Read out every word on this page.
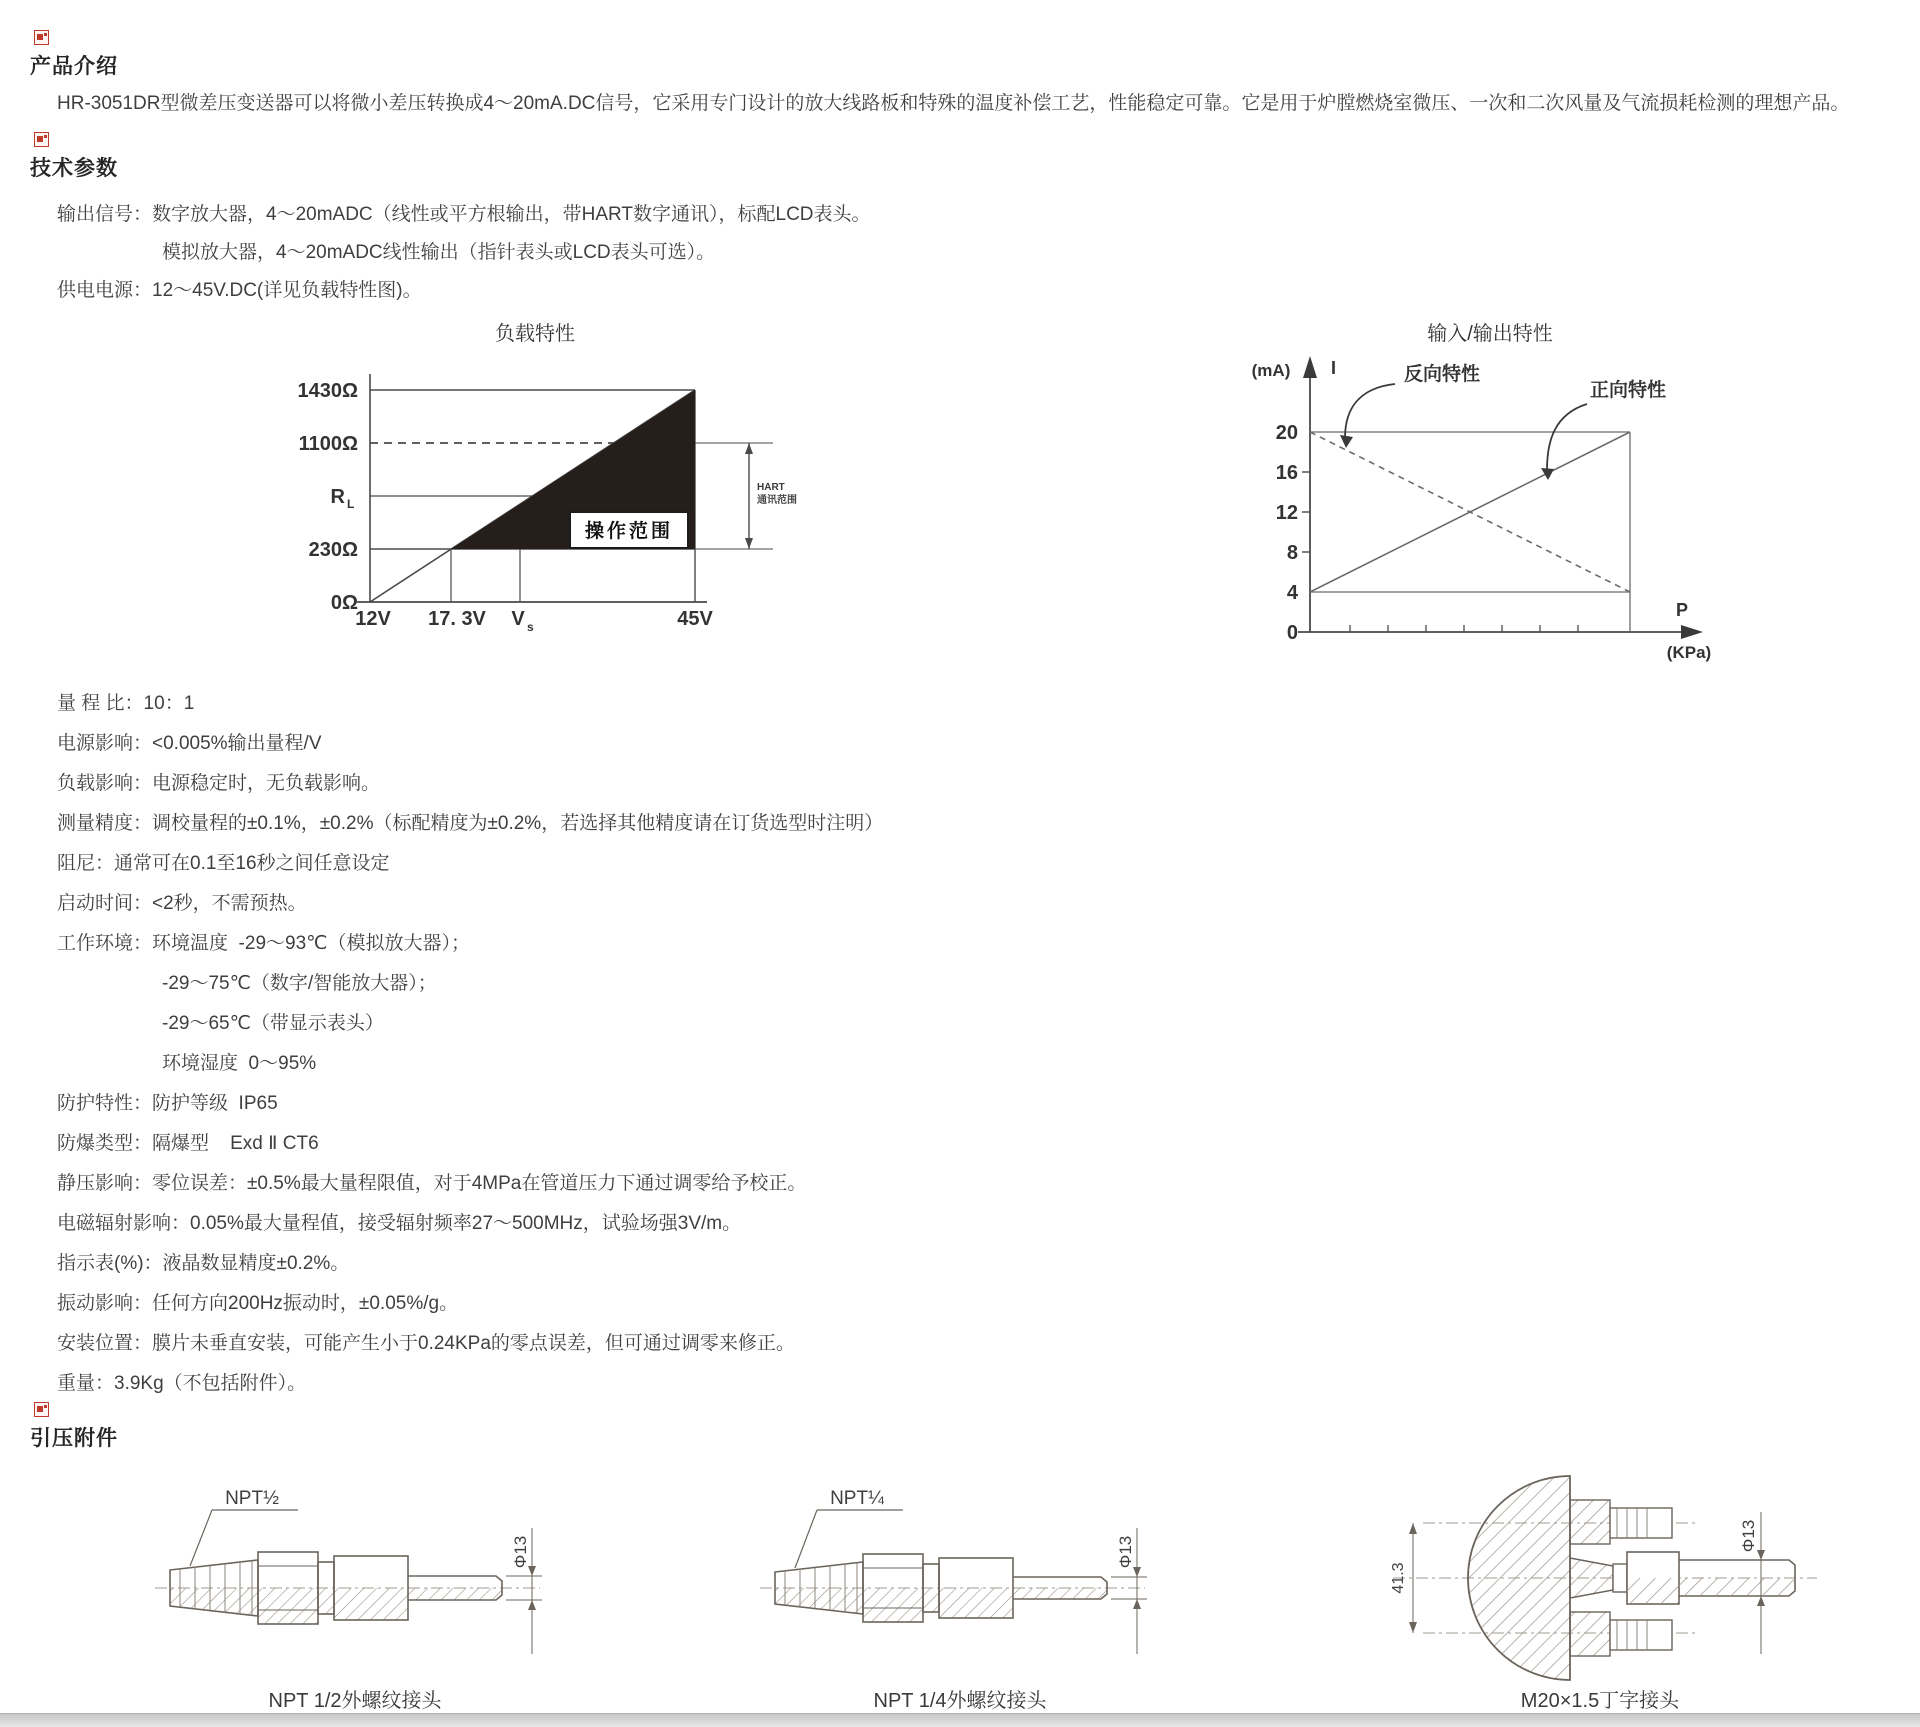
产品介绍

HR-3051DR型微差压变送器可以将微小差压转换成4～20mA.DC信号，它采用专门设计的放大线路板和特殊的温度补偿工艺，性能稳定可靠。它是用于炉膛燃烧室微压、一次和二次风量及气流损耗检测的理想产品。

技术参数
输出信号：数字放大器，4～20mADC（线性或平方根输出，带HART数字通讯），标配LCD表头。
模拟放大器，4～20mADC线性输出（指针表头或LCD表头可选）。
供电电源：12～45V.DC(详见负载特性图)。
负载特性
操作范围
HART
通讯范围
1430Ω
1100Ω
R L
230Ω
0Ω
12V 17. 3V V s	45V
输入/输出特性
(mA) I
20
16
12
8
4
0
反向特性
正向特性
P
(KPa)
量 程 比：10：1
电源影响：<0.005%输出量程/V
负载影响：电源稳定时，无负载影响。
测量精度：调校量程的±0.1%，±0.2%（标配精度为±0.2%，若选择其他精度请在订货选型时注明）
阻尼：通常可在0.1至16秒之间任意设定
启动时间：<2秒，不需预热。
工作环境：环境温度  -29～93℃（模拟放大器）；
-29～75℃（数字/智能放大器）；
-29～65℃（带显示表头）
环境湿度  0～95%
防护特性：防护等级  IP65
防爆类型：隔爆型    Exd Ⅱ CT6
静压影响：零位误差：±0.5%最大量程限值，对于4MPa在管道压力下通过调零给予校正。
电磁辐射影响：0.05%最大量程值，接受辐射频率27～500MHz，试验场强3V/m。
指示表(%)：液晶数显精度±0.2%。
振动影响：任何方向200Hz振动时，±0.05%/g。
安装位置：膜片未垂直安装，可能产生小于0.24KPa的零点误差，但可通过调零来修正。
重量：3.9Kg（不包括附件）。
引压附件
NPT½
Φ13
NPT 1/2外螺纹接头
NPT¼
Φ13
NPT 1/4外螺纹接头
41.3
Φ13
M20×1.5丁字接头
